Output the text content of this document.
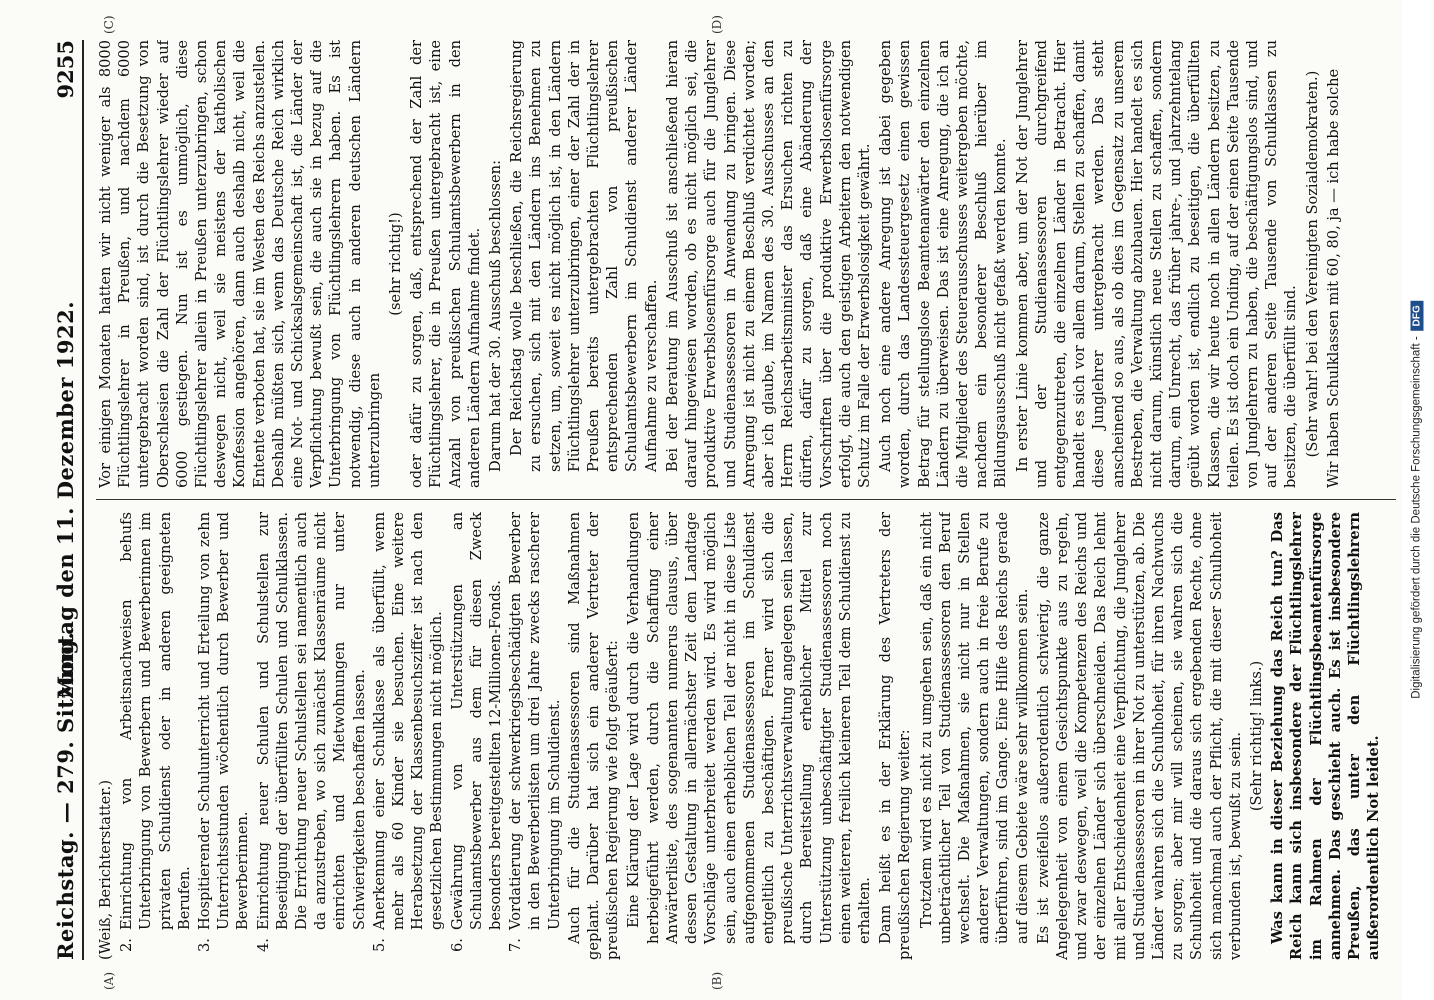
Reichstag. — 279. Sitzung.
Montag den 11. Dezember 1922.
9255
(A)	(B)
(C)	(D)

(Weiß, Berichterstatter.) 2.Einrichtung von Arbeitsnachweisen behufs Unterbringung von Bewerbern und Bewerberinnen im privaten Schuldienst oder in anderen geeigneten Berufen.

3.Hospitierender Schulunterricht und Erteilung von zehn Unterrichtsstunden wöchentlich durch Bewerber und Bewerberinnen.

4.Einrichtung neuer Schulen und Schulstellen zur Beseitigung der überfüllten Schulen und Schulklassen. Die Errichtung neuer Schulstellen sei namentlich auch da anzustreben, wo sich zunächst Klassenräume nicht einrichten und Mietwohnungen nur unter Schwierigkeiten beschaffen lassen.

5.Anerkennung einer Schulklasse als überfüllt, wenn mehr als 60 Kinder sie besuchen. Eine weitere Herabsetzung der Klassenbesuchsziffer ist nach den gesetzlichen Bestimmungen nicht möglich.

6.Gewährung von Unterstützungen an Schulamtsbewerber aus dem für diesen Zweck besonders bereitgestellten 12-Millionen-Fonds.

7.Vordatierung der schwerkriegsbeschädigten Bewerber in den Bewerberlisten um drei Jahre zwecks rascherer Unterbringung im Schuldienst. Auch für die Studienassessoren sind Maßnahmen geplant. Darüber hat sich ein anderer Vertreter der preußischen Regierung wie folgt geäußert: Eine Klärung der Lage wird durch die Verhandlungen herbeigeführt werden, durch die Schaffung einer Anwärterliste, des sogenannten numerus clausus, über dessen Gestaltung in allernächster Zeit dem Landtage Vorschläge unterbreitet werden wird. Es wird möglich sein, auch einen erheblichen Teil der nicht in diese Liste aufgenommenen Studienassessoren im Schuldienst entgeltlich zu beschäftigen. Ferner wird sich die preußische Unterrichtsverwaltung angelegen sein lassen, durch Bereitstellung erheblicher Mittel zur Unterstützung unbeschäftigter Studienassessoren noch einen weiteren, freilich kleineren Teil dem Schuldienst zu erhalten. Dann heißt es in der Erklärung des Vertreters der preußischen Regierung weiter: Trotzdem wird es nicht zu umgehen sein, daß ein nicht unbeträchtlicher Teil von Studienassessoren den Beruf wechselt. Die Maßnahmen, sie nicht nur in Stellen anderer Verwaltungen, sondern auch in freie Berufe zu überführen, sind im Gange. Eine Hilfe des Reichs gerade auf diesem Gebiete wäre sehr willkommen sein. Es ist zweifellos außerordentlich schwierig, die ganze Angelegenheit von einem Gesichtspunkte aus zu regeln, und zwar deswegen, weil die Kompetenzen des Reichs und der einzelnen Länder sich überschneiden. Das Reich lehnt mit aller Entschiedenheit eine Verpflichtung, die Junglehrer und Studienassessoren in ihrer Not zu unterstützen, ab. Die Länder wahren sich die Schulhoheit, für ihren Nachwuchs zu sorgen; aber mir will scheinen, sie wahren sich die Schulhoheit und die daraus sich ergebenden Rechte, ohne sich manchmal auch der Pflicht, die mit dieser Schulhoheit verbunden ist, bewußt zu sein. (Sehr richtig! links.) Was kann in dieser Beziehung das Reich tun? Das Reich kann sich insbesondere der Flüchtlingslehrer im Rahmen der Flüchtlingsbeamtenfürsorge annehmen. Das geschieht auch. Es ist insbesondere Preußen, das unter den Flüchtlingslehrern außerordentlich Not leidet.

Vor einigen Monaten hatten wir nicht weniger als 8000 Flüchtlingslehrer in Preußen, und nachdem 6000 untergebracht worden sind, ist durch die Besetzung von Oberschlesien die Zahl der Flüchtlingslehrer wieder auf 6000 gestiegen. Nun ist es unmöglich, diese Flüchtlingslehrer allein in Preußen unterzubringen, schon deswegen nicht, weil sie meistens der katholischen Konfession angehören, dann auch deshalb nicht, weil die Entente verboten hat, sie im Westen des Reichs anzustellen. Deshalb müßten sich, wenn das Deutsche Reich wirklich eine Not- und Schicksalsgemeinschaft ist, die Länder der Verpflichtung bewußt sein, die auch sie in bezug auf die Unterbringung von Flüchtlingslehrern haben. Es ist notwendig, diese auch in anderen deutschen Ländern unterzubringen

(sehr richtig!) oder dafür zu sorgen, daß, entsprechend der Zahl der Flüchtlingslehrer, die in Preußen untergebracht ist, eine Anzahl von preußischen Schulamtsbewerbern in den anderen Ländern Aufnahme findet. Darum hat der 30. Ausschuß beschlossen: Der Reichstag wolle beschließen, die Reichsregierung zu ersuchen, sich mit den Ländern ins Benehmen zu setzen, um, soweit es nicht möglich ist, in den Ländern Flüchtlingslehrer unterzubringen, einer der Zahl der in Preußen bereits untergebrachten Flüchtlingslehrer entsprechenden Zahl von preußischen Schulamtsbewerbern im Schuldienst anderer Länder Aufnahme zu verschaffen. Bei der Beratung im Ausschuß ist anschließend hieran darauf hingewiesen worden, ob es nicht möglich sei, die produktive Erwerbslosenfürsorge auch für die Junglehrer und Studienassessoren in Anwendung zu bringen. Diese Anregung ist nicht zu einem Beschluß verdichtet worden; aber ich glaube, im Namen des 30. Ausschusses an den Herrn Reichsarbeitsminister das Ersuchen richten zu dürfen, dafür zu sorgen, daß eine Abänderung der Vorschriften über die produktive Erwerbslosenfürsorge erfolgt, die auch den geistigen Arbeitern den notwendigen Schutz im Falle der Erwerbslosigkeit gewährt. Auch noch eine andere Anregung ist dabei gegeben worden, durch das Landessteuergesetz einen gewissen Betrag für stellungslose Beamtenanwärter den einzelnen Ländern zu überweisen. Das ist eine Anregung, die ich an die Mitglieder des Steuerausschusses weitergeben möchte, nachdem ein besonderer Beschluß hierüber im Bildungsausschuß nicht gefaßt werden konnte. In erster Linie kommen aber, um der Not der Junglehrer und der Studienassessoren durchgreifend entgegenzutreten, die einzelnen Länder in Betracht. Hier handelt es sich vor allem darum, Stellen zu schaffen, damit diese Junglehrer untergebracht werden. Das steht anscheinend so aus, als ob dies im Gegensatz zu unserem Bestreben, die Verwaltung abzubauen. Hier handelt es sich nicht darum, künstlich neue Stellen zu schaffen, sondern darum, ein Unrecht, das früher jahre-, und jahrzehntelang geübt worden ist, endlich zu beseitigen, die überfüllten Klassen, die wir heute noch in allen Ländern besitzen, zu teilen. Es ist doch ein Unding, auf der einen Seite Tausende von Junglehrern zu haben, die beschäftigungslos sind, und auf der anderen Seite Tausende von Schulklassen zu besitzen, die überfüllt sind. (Sehr wahr! bei den Vereinigten Sozialdemokraten.) Wir haben Schulklassen mit 60, 80, ja — ich habe solche

Digitalisierung gefördert durch die Deutsche Forschungsgemeinschaft -DFG
